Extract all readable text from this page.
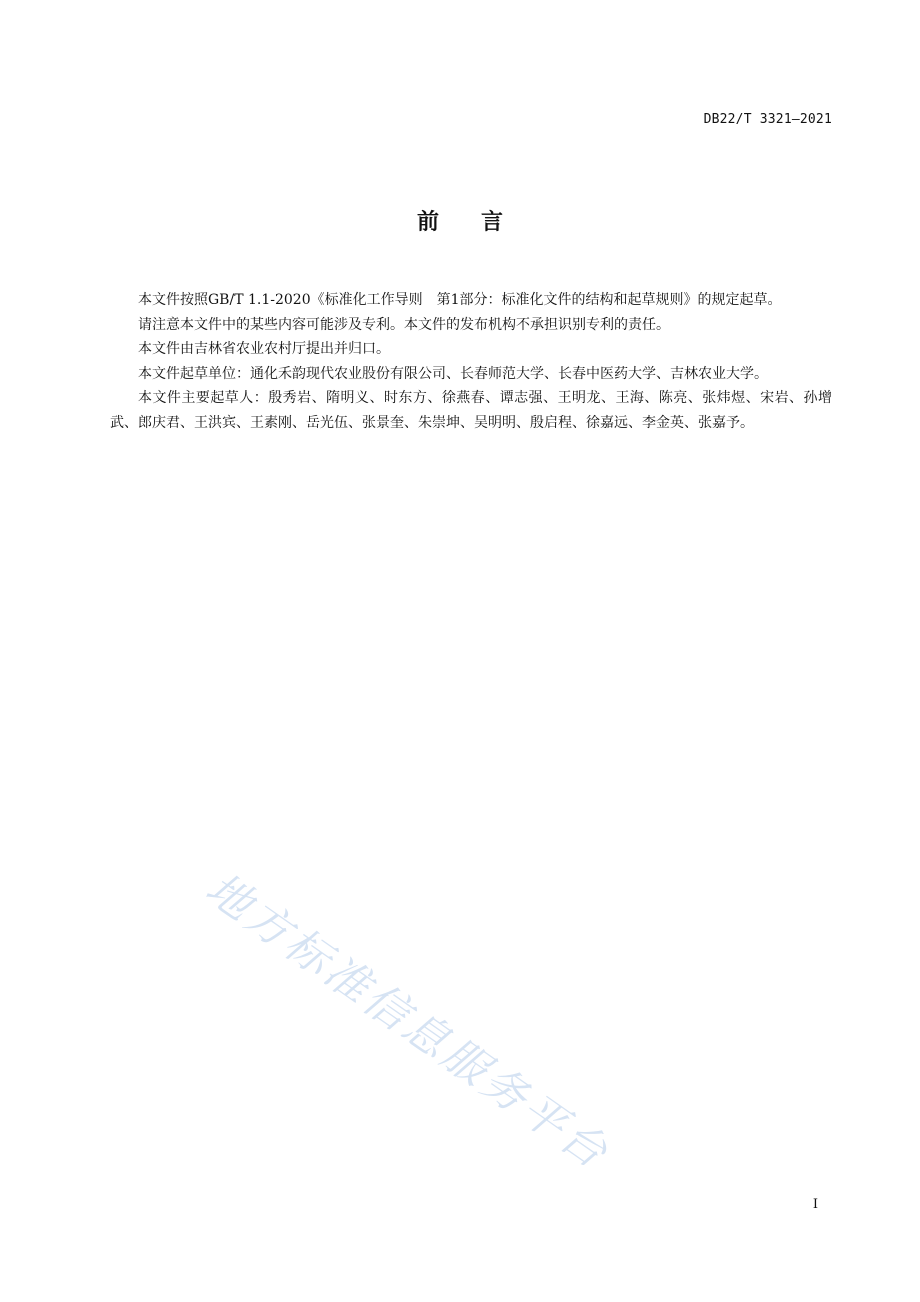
DB22/T 3321—2021
前言

本文件按照GB/T 1.1-2020《标准化工作导则　第1部分：标准化文件的结构和起草规则》的规定起草。

请注意本文件中的某些内容可能涉及专利。本文件的发布机构不承担识别专利的责任。

本文件由吉林省农业农村厅提出并归口。

本文件起草单位：通化禾韵现代农业股份有限公司、长春师范大学、长春中医药大学、吉林农业大学。

本文件主要起草人：殷秀岩、隋明义、时东方、徐燕春、谭志强、王明龙、王海、陈亮、张炜煜、宋岩、孙增武、郎庆君、王洪宾、王素刚、岳光伍、张景奎、朱崇坤、吴明明、殷启程、徐嘉远、李金英、张嘉予。

地方标准信息服务平台
I
